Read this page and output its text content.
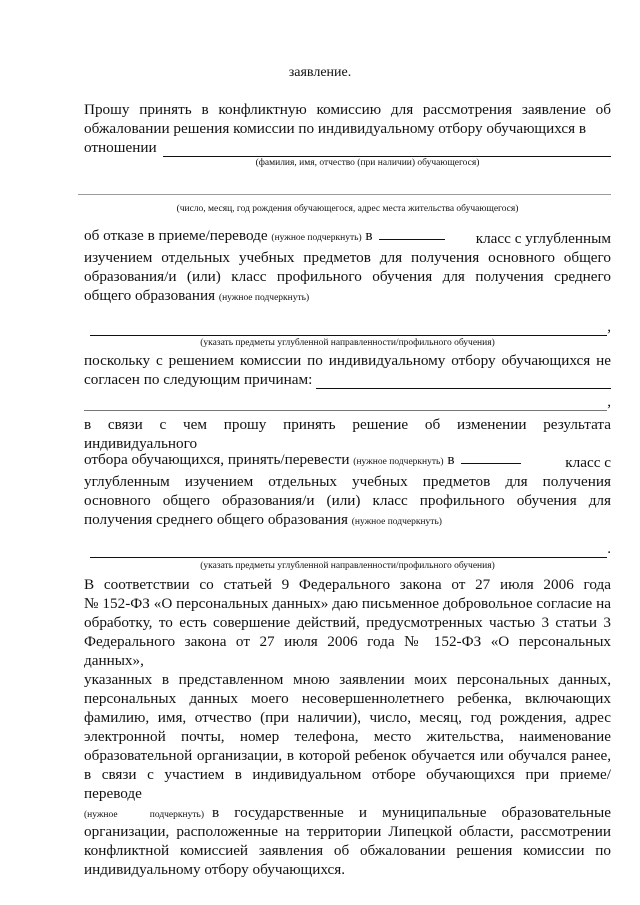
заявление.

Прошу принять в конфликтную комиссию для рассмотрения заявление об обжаловании решения комиссии по индивидуальному отбору обучающихся в

отношении

(фамилия, имя, отчество (при наличии) обучающегося)

(число, месяц, год рождения обучающегося, адрес места жительства обучающегося)

об отказе в приеме/переводе (нужное подчеркнуть) в	класс с углубленным

изучением отдельных учебных предметов для получения основного общего

образования/и (или) класс профильного обучения для получения среднего

общего образования (нужное подчеркнуть)

,

(указать предметы углубленной направленности/профильного обучения)

поскольку с решением комиссии по индивидуальному отбору обучающихся не

согласен по следующим причинам:
,

в связи с чем прошу принять решение об изменении результата индивидуального

отбора обучающихся, принять/перевести (нужное подчеркнуть) в	класс с

углубленным изучением отдельных учебных предметов для получения

основного общего образования/и (или) класс профильного обучения для

получения среднего общего образования (нужное подчеркнуть)

.

(указать предметы углубленной направленности/профильного обучения)

В соответствии со статьей 9 Федерального закона от 27 июля 2006 года

№ 152-ФЗ «О персональных данных» даю письменное добровольное согласие на

обработку, то есть совершение действий, предусмотренных частью 3 статьи 3

Федерального закона от 27 июля 2006 года № 152-ФЗ «О персональных данных»,

указанных в представленном мною заявлении моих персональных данных,

персональных данных моего несовершеннолетнего ребенка, включающих

фамилию, имя, отчество (при наличии), число, месяц, год рождения, адрес

электронной почты, номер телефона, место жительства, наименование

образовательной организации, в которой ребенок обучается или обучался ранее,

в связи с участием в индивидуальном отборе обучающихся при приеме/ переводе

(нужное подчеркнуть) в государственные и муниципальные образовательные

организации, расположенные на территории Липецкой области, рассмотрении

конфликтной комиссией заявления об обжаловании решения комиссии по

индивидуальному отбору обучающихся.
